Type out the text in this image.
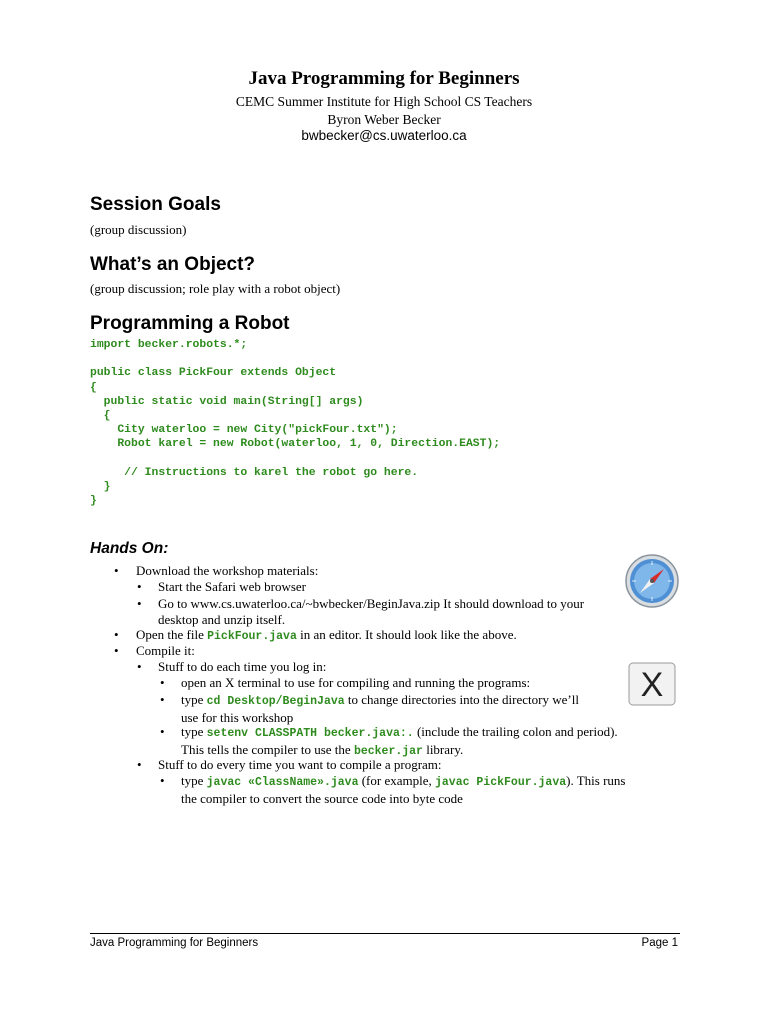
Java Programming for Beginners
CEMC Summer Institute for High School CS Teachers
Byron Weber Becker
bwbecker@cs.uwaterloo.ca
Session Goals
(group discussion)
What’s an Object?
(group discussion; role play with a robot object)
Programming a Robot
import becker.robots.*;

public class PickFour extends Object
{
public static void main(String[] args)
{
City waterloo = new City("pickFour.txt");
Robot karel = new Robot(waterloo, 1, 0, Direction.EAST);

// Instructions to karel the robot go here.
}
}
Hands On:
• Download the workshop materials:
• Start the Safari web browser
• Go to www.cs.uwaterloo.ca/~bwbecker/BeginJava.zip It should download to your
desktop and unzip itself.
• Open the file PickFour.java in an editor. It should look like the above.
• Compile it:
• Stuff to do each time you log in:
• open an X terminal to use for compiling and running the programs:
• type cd Desktop/BeginJava to change directories into the directory we’ll
use for this workshop
• type setenv CLASSPATH becker.java:. (include the trailing colon and period).
This tells the compiler to use the becker.jar library.
• Stuff to do every time you want to compile a program:
• type javac «ClassName».java (for example, javac PickFour.java). This runs
the compiler to convert the source code into byte code
X
Java Programming for Beginners	Page 1
